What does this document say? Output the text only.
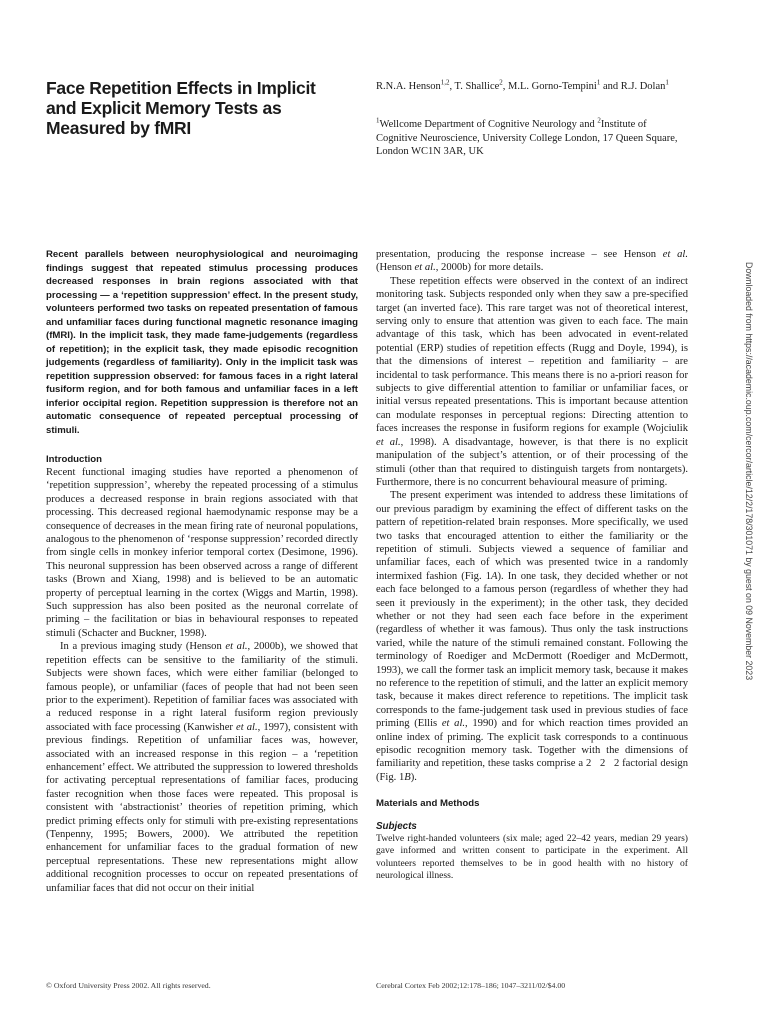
Face Repetition Effects in Implicit and Explicit Memory Tests as Measured by fMRI
R.N.A. Henson$^{1,2}$, T. Shallice$^2$, M.L. Gorno-Tempini$^1$ and R.J. Dolan$^1$
$^1$Wellcome Department of Cognitive Neurology and $^2$Institute of Cognitive Neuroscience, University College London, 17 Queen Square, London WC1N 3AR, UK
Recent parallels between neurophysiological and neuroimaging findings suggest that repeated stimulus processing produces decreased responses in brain regions associated with that processing — a ‘repetition suppression’ effect. In the present study, volunteers performed two tasks on repeated presentation of famous and unfamiliar faces during functional magnetic resonance imaging (fMRI). In the implicit task, they made fame-judgements (regardless of repetition); in the explicit task, they made episodic recognition judgements (regardless of familiarity). Only in the implicit task was repetition suppression observed: for famous faces in a right lateral fusiform region, and for both famous and unfamiliar faces in a left inferior occipital region. Repetition suppression is therefore not an automatic consequence of repeated perceptual processing of stimuli.

Introduction

Recent functional imaging studies have reported a phenomenon of ‘repetition suppression’, whereby the repeated processing of a stimulus produces a decreased response in brain regions associated with that processing. This decreased regional haemodynamic response may be a consequence of decreases in the mean firing rate of neuronal populations, analogous to the phenomenon of ‘response suppression’ recorded directly from single cells in monkey inferior temporal cortex (Desimone, 1996). This neuronal suppression has been observed across a range of different tasks (Brown and Xiang, 1998) and is believed to be an automatic property of perceptual learning in the cortex (Wiggs and Martin, 1998). Such suppression has also been posited as the neuronal correlate of priming – the facilitation or bias in behavioural responses to repeated stimuli (Schacter and Buckner, 1998).

In a previous imaging study (Henson et al., 2000b), we showed that repetition effects can be sensitive to the familiarity of the stimuli. Subjects were shown faces, which were either familiar (belonged to famous people), or unfamiliar (faces of people that had not been seen prior to the experiment). Repetition of familiar faces was associated with a reduced response in a right lateral fusiform region previously associated with face processing (Kanwisher et al., 1997), consistent with previous findings. Repetition of unfamiliar faces was, however, associated with an increased response in this region – a ‘repetition enhancement’ effect. We attributed the suppression to lowered thresholds for activating perceptual representations of familiar faces, producing faster recognition when those faces were repeated. This proposal is consistent with ‘abstractionist’ theories of repetition priming, which predict priming effects only for stimuli with pre-existing representations (Tenpenny, 1995; Bowers, 2000). We attributed the repetition enhancement for unfamiliar faces to the gradual formation of new perceptual representations. These new representations might allow additional recognition processes to occur on repeated presentations of unfamiliar faces that did not occur on their initial

presentation, producing the response increase – see Henson et al. (Henson et al., 2000b) for more details.

These repetition effects were observed in the context of an indirect monitoring task. Subjects responded only when they saw a pre-specified target (an inverted face). This rare target was not of theoretical interest, serving only to ensure that attention was given to each face. The main advantage of this task, which has been advocated in event-related potential (ERP) studies of repetition effects (Rugg and Doyle, 1994), is that the dimensions of interest – repetition and familiarity – are incidental to task performance. This means there is no a-priori reason for subjects to give differential attention to familiar or unfamiliar faces, or initial versus repeated presentations. This is important because attention can modulate responses in perceptual regions: Directing attention to faces increases the response in fusiform regions for example (Wojciulik et al., 1998). A disadvantage, however, is that there is no explicit manipulation of the subject’s attention, or of their processing of the stimuli (other than that required to distinguish targets from nontargets). Furthermore, there is no concurrent behavioural measure of priming.

The present experiment was intended to address these limitations of our previous paradigm by examining the effect of different tasks on the pattern of repetition-related brain responses. More specifically, we used two tasks that encouraged attention to either the familiarity or the repetition of stimuli. Subjects viewed a sequence of familiar and unfamiliar faces, each of which was presented twice in a randomly intermixed fashion (Fig. 1A). In one task, they decided whether or not each face belonged to a famous person (regardless of whether they had seen it previously in the experiment); in the other task, they decided whether or not they had seen each face before in the experiment (regardless of whether it was famous). Thus only the task instructions varied, while the nature of the stimuli remained constant. Following the terminology of Roediger and McDermott (Roediger and McDermott, 1993), we call the former task an implicit memory task, because it makes no reference to the repetition of stimuli, and the latter an explicit memory task, because it makes direct reference to repetitions. The implicit task corresponds to the fame-judgement task used in previous studies of face priming (Ellis et al., 1990) and for which reaction times provided an online index of priming. The explicit task corresponds to a continuous episodic recognition memory task. Together with the dimensions of familiarity and repetition, these tasks comprise a 2   2   2 factorial design (Fig. 1B).

Materials and Methods

Subjects

Twelve right-handed volunteers (six male; aged 22–42 years, median 29 years) gave informed and written consent to participate in the experiment. All volunteers reported themselves to be in good health with no history of neurological illness.

© Oxford University Press 2002. All rights reserved.	Cerebral Cortex Feb 2002;12:178–186; 1047–3211/02/$4.00
Downloaded from https://academic.oup.com/cercor/article/12/2/178/301071 by guest on 09 November 2023
